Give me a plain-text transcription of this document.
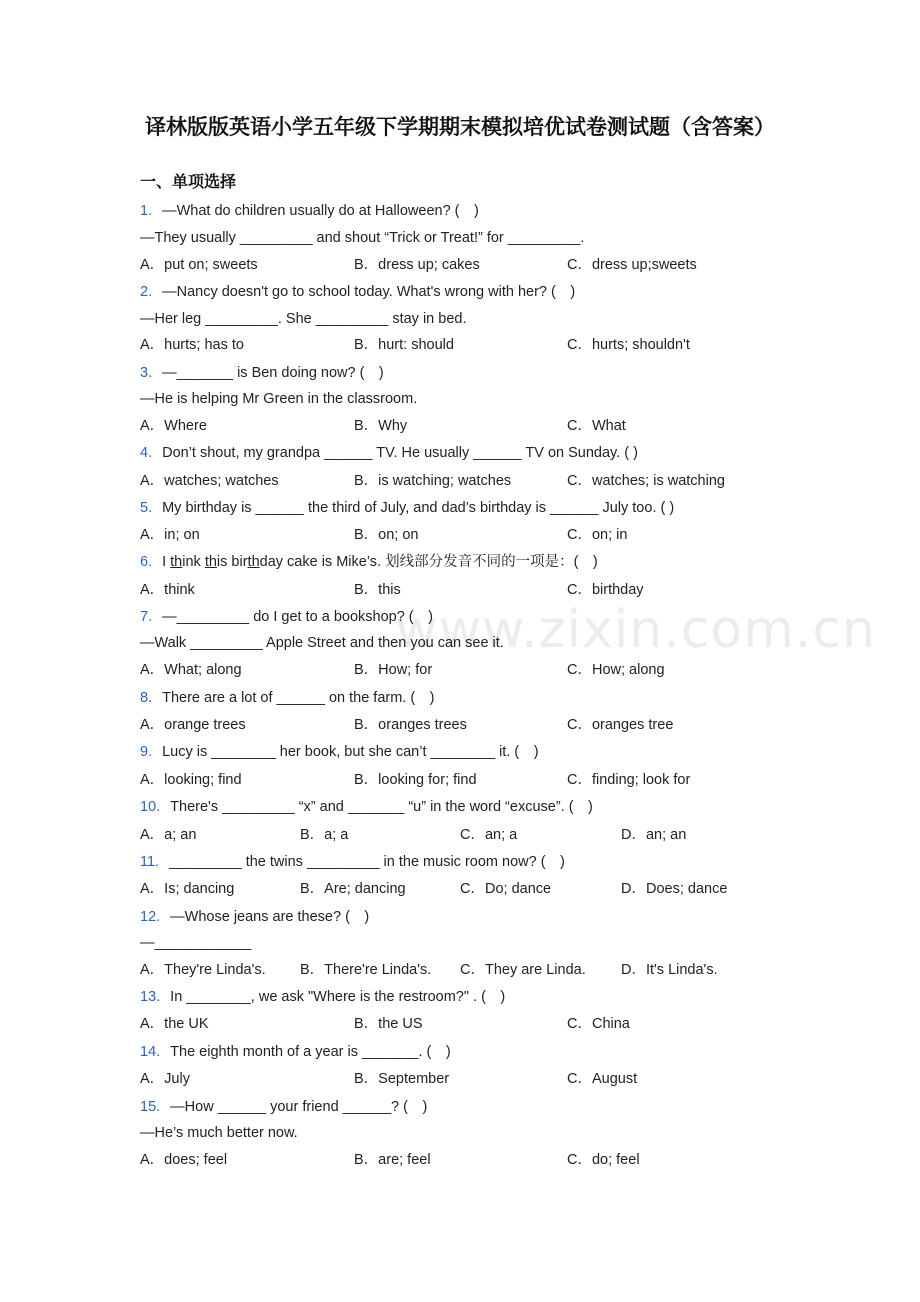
译林版版英语小学五年级下学期期末模拟培优试卷测试题（含答案）
一、单项选择
www.zixin.com.cn
1. —What do children usually do at Halloween? (　)
—They usually _________ and shout “Trick or Treat!” for _________.
A．put on; sweets	B．dress up; cakes	C．dress up;sweets
2. —Nancy doesn't go to school today. What's wrong with her? (　)
—Her leg _________. She _________ stay in bed.
A．hurts; has to	B．hurt: should	C．hurts; shouldn't
3. —_______ is Ben doing now? (　)
—He is helping Mr Green in the classroom.
A．Where	B．Why	C．What
4. Don’t shout, my grandpa ______ TV. He usually ______ TV on Sunday. ( )
A．watches; watches	B．is watching; watches	C．watches; is watching
5. My birthday is ______ the third of July, and dad’s birthday is ______ July too. ( )
A．in; on	B．on; on	C．on; in
6. I think this birthday cake is Mike’s. 划线部分发音不同的一项是：(　)
A．think	B．this	C．birthday
7. —_________ do I get to a bookshop? (　)
—Walk _________ Apple Street and then you can see it.
A．What; along	B．How; for	C．How; along
8. There are a lot of ______ on the farm. (　)
A．orange trees	B．oranges trees	C．oranges tree
9. Lucy is ________ her book, but she can’t ________ it. (　)
A．looking; find	B．looking for; find	C．finding; look for
10. There's _________ “x” and _______ “u” in the word “excuse”. (　)
A．a; an	B．a; a	C．an; a	D．an; an
11. _________ the twins _________ in the music room now? (　)
A．Is; dancing	B．Are; dancing	C．Do; dance	D．Does; dance
12. —Whose jeans are these? (　)
—____________
A．They're Linda's. B．There're Linda's. C．They are Linda. D．It's Linda's.
13. In ________, we ask "Where is the restroom?" . (　)
A．the UK	B．the US	C．China
14. The eighth month of a year is _______. (　)
A．July	B．September	C．August
15. —How ______ your friend ______? (　)
—He’s much better now.
A．does; feel	B．are; feel	C．do; feel
